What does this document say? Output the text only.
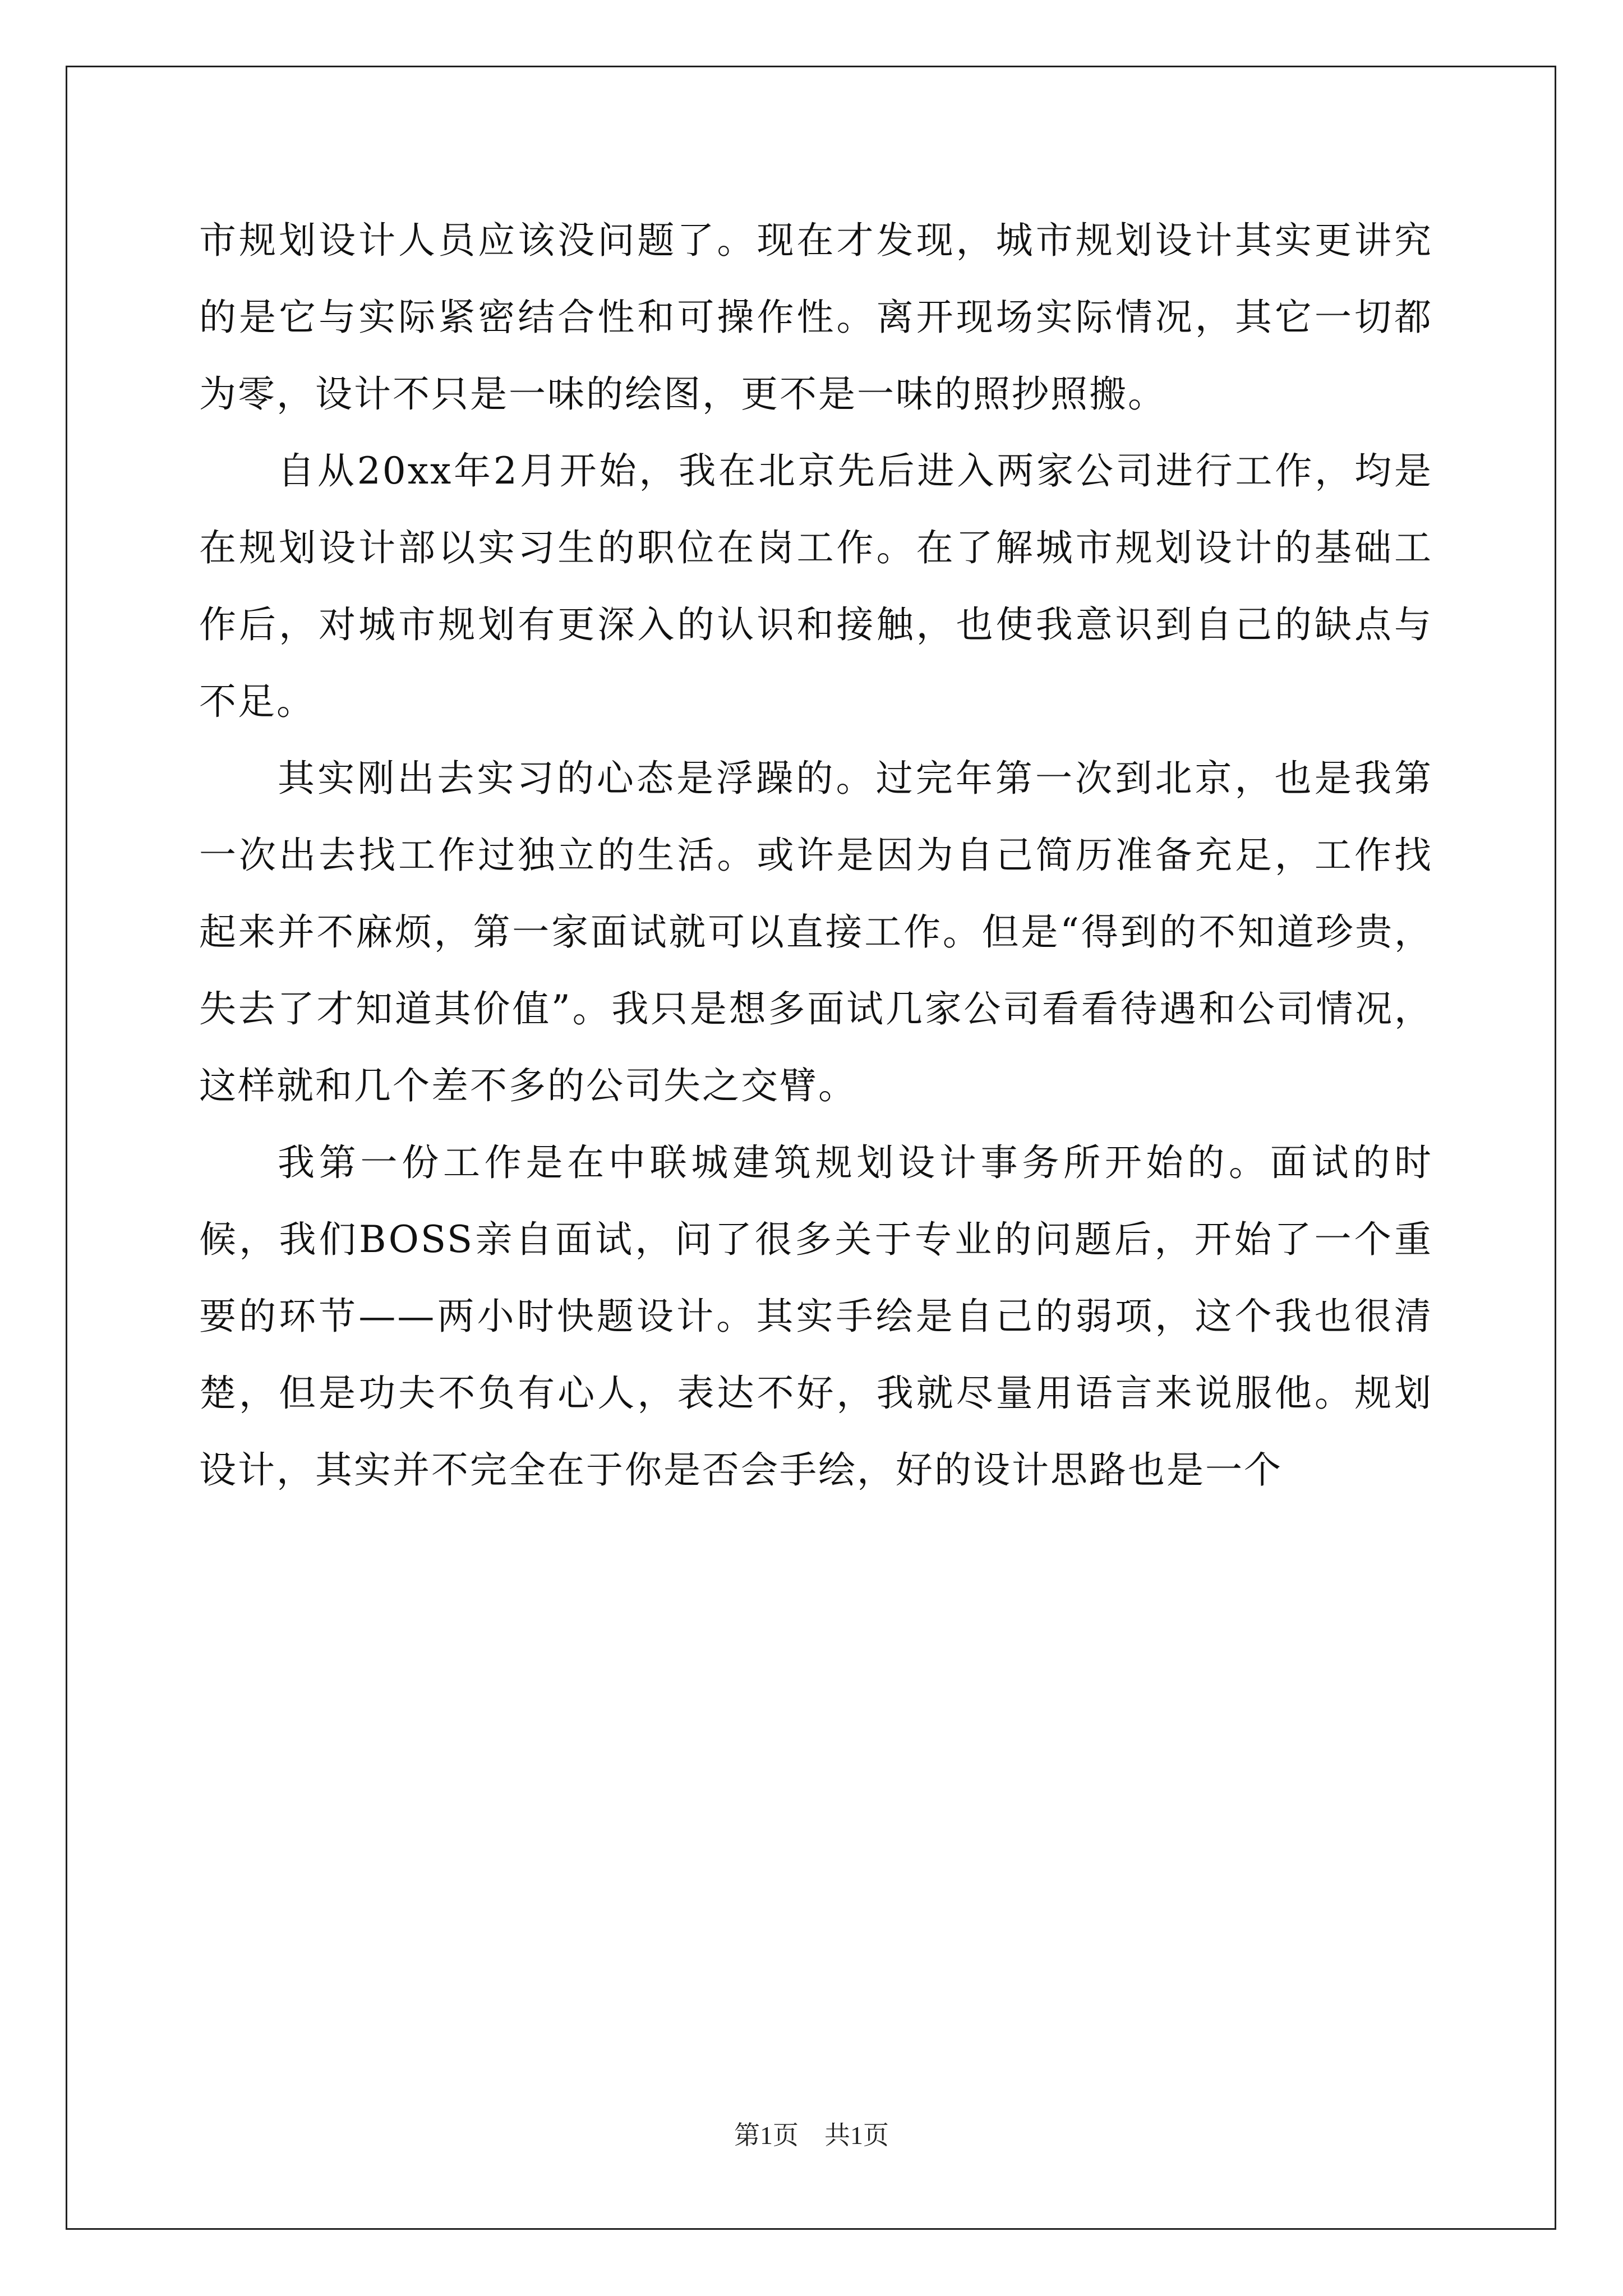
市规划设计人员应该没问题了。现在才发现，城市规划设计其实更讲究的是它与实际紧密结合性和可操作性。离开现场实际情况，其它一切都为零，设计不只是一味的绘图，更不是一味的照抄照搬。

自从20xx年2月开始，我在北京先后进入两家公司进行工作，均是在规划设计部以实习生的职位在岗工作。在了解城市规划设计的基础工作后，对城市规划有更深入的认识和接触，也使我意识到自己的缺点与不足。

其实刚出去实习的心态是浮躁的。过完年第一次到北京，也是我第一次出去找工作过独立的生活。或许是因为自己简历准备充足，工作找起来并不麻烦，第一家面试就可以直接工作。但是“得到的不知道珍贵，失去了才知道其价值”。我只是想多面试几家公司看看待遇和公司情况，这样就和几个差不多的公司失之交臂。

我第一份工作是在中联城建筑规划设计事务所开始的。面试的时候，我们BOSS亲自面试，问了很多关于专业的问题后，开始了一个重要的环节——两小时快题设计。其实手绘是自己的弱项，这个我也很清楚，但是功夫不负有心人，表达不好，我就尽量用语言来说服他。规划设计，其实并不完全在于你是否会手绘，好的设计思路也是一个

第1页　共1页
